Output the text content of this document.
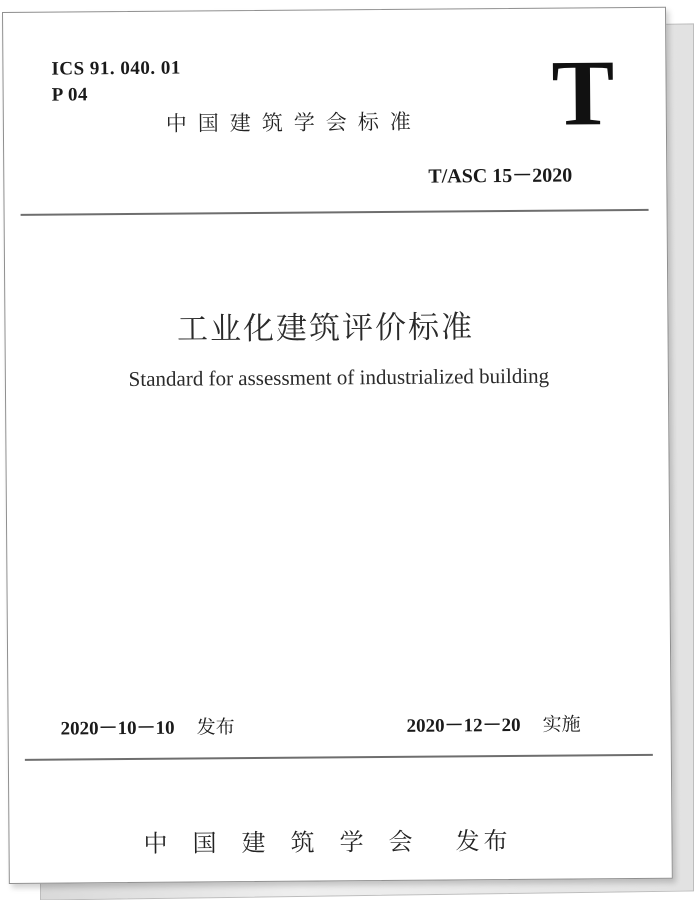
ICS 91. 040. 01
P 04
中国建筑学会标准 T
T/ASC 15－2020
工业化建筑评价标准
Standard for assessment of industrialized building
2020－10－10 发布	2020－12－20 实施
中国建筑学会 发布
